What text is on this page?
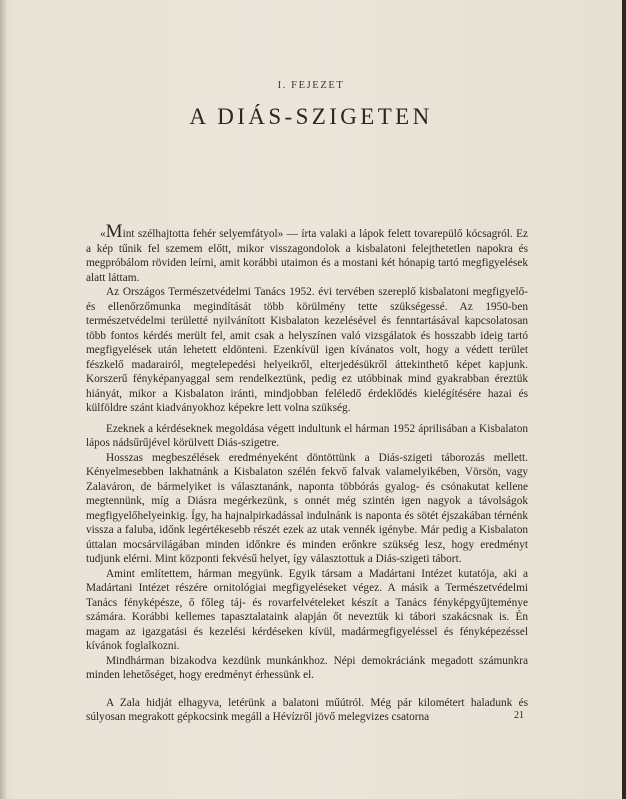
I. FEJEZET
A DIÁS-SZIGETEN

«Mint szélhajtotta fehér selyemfátyol» — írta valaki a lápok felett tovarepülő kócsagról. Ez a kép tűnik fel szemem előtt, mikor visszagondolok a kisbalatoni felejthetetlen napokra és megpróbálom röviden leírni, amit korábbi utaimon és a mostani két hónapig tartó megfigyelések alatt láttam.

Az Országos Természetvédelmi Tanács 1952. évi tervében szereplő kisbalatoni megfigyelő- és ellenőrzőmunka megindítását több körülmény tette szükségessé. Az 1950-ben természetvédelmi területté nyilvánított Kisbalaton kezelésével és fenntartásával kapcsolatosan több fontos kérdés merült fel, amit csak a helyszínen való vizsgálatok és hosszabb ideig tartó megfigyelések után lehetett eldönteni. Ezenkívül igen kívánatos volt, hogy a védett terület fészkelő madarairól, megtelepedési helyeikről, elterjedésükről áttekinthető képet kapjunk. Korszerű fényképanyaggal sem rendelkeztünk, pedig ez utóbbinak mind gyakrabban éreztük hiányát, mikor a Kisbalaton iránti, mindjobban feléledő érdeklődés kielégítésére hazai és külföldre szánt kiadványokhoz képekre lett volna szükség.

Ezeknek a kérdéseknek megoldása végett indultunk el hárman 1952 áprilisában a Kisbalaton lápos nádsűrűjével körülvett Diás-szigetre.

Hosszas megbeszélések eredményeként döntöttünk a Diás-szigeti táborozás mellett. Kényelmesebben lakhatnánk a Kisbalaton szélén fekvő falvak valamelyikében, Vörsön, vagy Zalaváron, de bármelyiket is választanánk, naponta többórás gyalog- és csónakutat kellene megtennünk, míg a Diásra megérkezünk, s onnét még szintén igen nagyok a távolságok megfigyelőhelyeinkig. Így, ha hajnalpirkadással indulnánk is naponta és sötét éjszakában térnénk vissza a faluba, időnk legértékesebb részét ezek az utak vennék igénybe. Már pedig a Kisbalaton úttalan mocsárvilágában minden időnkre és minden erőnkre szükség lesz, hogy eredményt tudjunk elérni. Mint központi fekvésű helyet, így választottuk a Diás-szigeti tábort.

Amint említettem, hárman megyünk. Egyik társam a Madártani Intézet kutatója, aki a Madártani Intézet részére ornitológiai megfigyeléseket végez. A másik a Természetvédelmi Tanács fényképésze, ő főleg táj- és rovarfelvételeket készít a Tanács fényképgyűjteménye számára. Korábbi kellemes tapasztalataink alapján őt neveztük ki tábori szakácsnak is. Én magam az igazgatási és kezelési kérdéseken kívül, madármegfigyeléssel és fényképezéssel kívánok foglalkozni.

Mindhárman bizakodva kezdünk munkánkhoz. Népi demokráciánk megadott számunkra minden lehetőséget, hogy eredményt érhessünk el.

A Zala hidját elhagyva, letérünk a balatoni műútról. Még pár kilométert haladunk és súlyosan megrakott gépkocsink megáll a Hévízről jövő melegvizes csatorna	21
